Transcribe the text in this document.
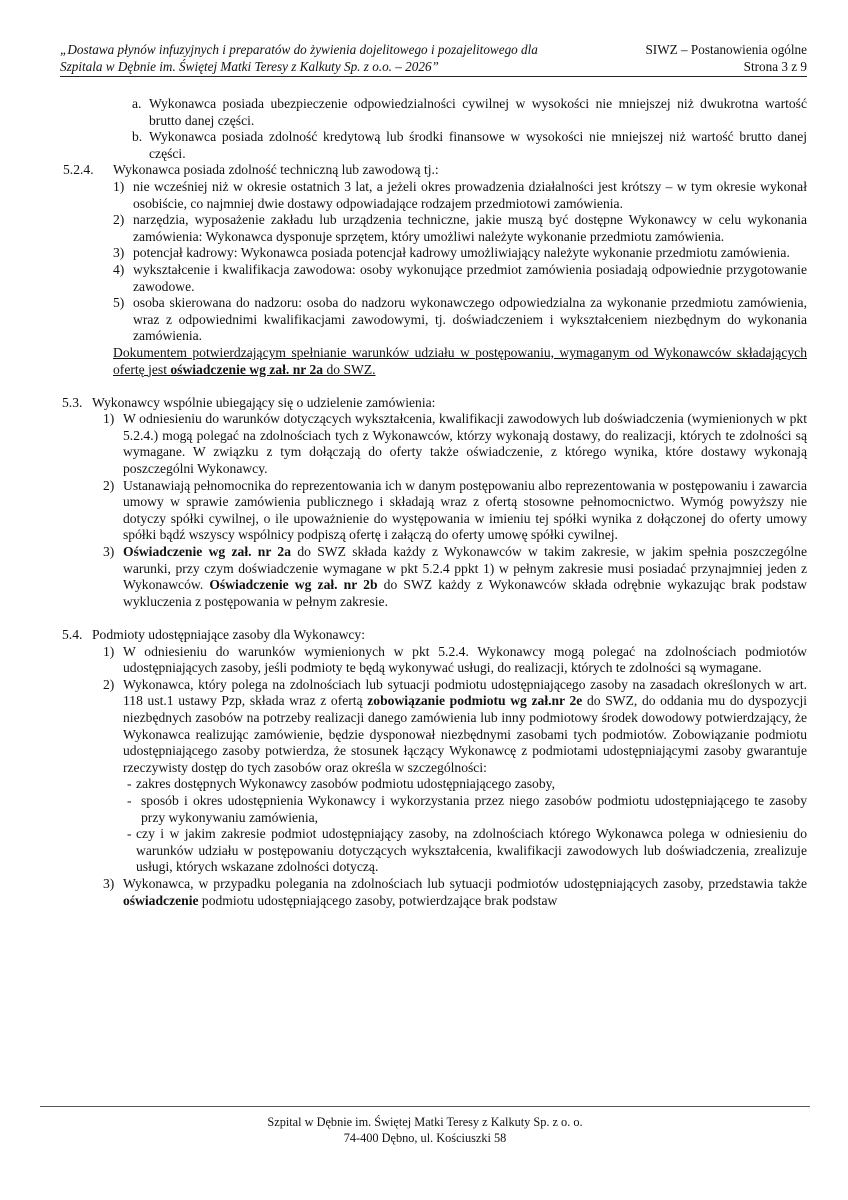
„Dostawa płynów infuzyjnych i preparatów do żywienia dojelitowego i pozajelitowego dla
Szpitala w Dębnie im. Świętej Matki Teresy z Kalkuty Sp. z o.o. – 2026”
SIWZ – Postanowienia ogólne
Strona 3 z 9
a. Wykonawca posiada ubezpieczenie odpowiedzialności cywilnej w wysokości nie mniejszej niż dwukrotna wartość brutto danej części.
b. Wykonawca posiada zdolność kredytową lub środki finansowe w wysokości nie mniejszej niż wartość brutto danej części.
5.2.4. Wykonawca posiada zdolność techniczną lub zawodową tj.:
1) nie wcześniej niż w okresie ostatnich 3 lat, a jeżeli okres prowadzenia działalności jest krótszy – w tym okresie wykonał osobiście, co najmniej dwie dostawy odpowiadające rodzajem przedmiotowi zamówienia.
2) narzędzia, wyposażenie zakładu lub urządzenia techniczne, jakie muszą być dostępne Wykonawcy w celu wykonania zamówienia: Wykonawca dysponuje sprzętem, który umożliwi należyte wykonanie przedmiotu zamówienia.
3) potencjał kadrowy: Wykonawca posiada potencjał kadrowy umożliwiający należyte wykonanie przedmiotu zamówienia.
4) wykształcenie i kwalifikacja zawodowa: osoby wykonujące przedmiot zamówienia posiadają odpowiednie przygotowanie zawodowe.
5) osoba skierowana do nadzoru: osoba do nadzoru wykonawczego odpowiedzialna za wykonanie przedmiotu zamówienia, wraz z odpowiednimi kwalifikacjami zawodowymi, tj. doświadczeniem i wykształceniem niezbędnym do wykonania zamówienia.
Dokumentem potwierdzającym spełnianie warunków udziału w postępowaniu, wymaganym od Wykonawców składających ofertę jest oświadczenie wg zał. nr 2a do SWZ.
5.3. Wykonawcy wspólnie ubiegający się o udzielenie zamówienia:
1) W odniesieniu do warunków dotyczących wykształcenia, kwalifikacji zawodowych lub doświadczenia (wymienionych w pkt 5.2.4.) mogą polegać na zdolnościach tych z Wykonawców, którzy wykonają dostawy, do realizacji, których te zdolności są wymagane. W związku z tym dołączają do oferty także oświadczenie, z którego wynika, które dostawy wykonają poszczególni Wykonawcy.
2) Ustanawiają pełnomocnika do reprezentowania ich w danym postępowaniu albo reprezentowania w postępowaniu i zawarcia umowy w sprawie zamówienia publicznego i składają wraz z ofertą stosowne pełnomocnictwo. Wymóg powyższy nie dotyczy spółki cywilnej, o ile upoważnienie do występowania w imieniu tej spółki wynika z dołączonej do oferty umowy spółki bądź wszyscy wspólnicy podpiszą ofertę i załączą do oferty umowę spółki cywilnej.
3) Oświadczenie wg zał. nr 2a do SWZ składa każdy z Wykonawców w takim zakresie, w jakim spełnia poszczególne warunki, przy czym doświadczenie wymagane w pkt 5.2.4 ppkt 1) w pełnym zakresie musi posiadać przynajmniej jeden z Wykonawców. Oświadczenie wg zał. nr 2b do SWZ każdy z Wykonawców składa odrębnie wykazując brak podstaw wykluczenia z postępowania w pełnym zakresie.
5.4. Podmioty udostępniające zasoby dla Wykonawcy:
1) W odniesieniu do warunków wymienionych w pkt 5.2.4. Wykonawcy mogą polegać na zdolnościach podmiotów udostępniających zasoby, jeśli podmioty te będą wykonywać usługi, do realizacji, których te zdolności są wymagane.
2) Wykonawca, który polega na zdolnościach lub sytuacji podmiotu udostępniającego zasoby na zasadach określonych w art. 118 ust.1 ustawy Pzp, składa wraz z ofertą zobowiązanie podmiotu wg zał.nr 2e do SWZ, do oddania mu do dyspozycji niezbędnych zasobów na potrzeby realizacji danego zamówienia lub inny podmiotowy środek dowodowy potwierdzający, że Wykonawca realizując zamówienie, będzie dysponował niezbędnymi zasobami tych podmiotów. Zobowiązanie podmiotu udostępniającego zasoby potwierdza, że stosunek łączący Wykonawcę z podmiotami udostępniającymi zasoby gwarantuje rzeczywisty dostęp do tych zasobów oraz określa w szczególności:
- zakres dostępnych Wykonawcy zasobów podmiotu udostępniającego zasoby,
- sposób i okres udostępnienia Wykonawcy i wykorzystania przez niego zasobów podmiotu udostępniającego te zasoby przy wykonywaniu zamówienia,
- czy i w jakim zakresie podmiot udostępniający zasoby, na zdolnościach którego Wykonawca polega w odniesieniu do warunków udziału w postępowaniu dotyczących wykształcenia, kwalifikacji zawodowych lub doświadczenia, zrealizuje usługi, których wskazane zdolności dotyczą.
3) Wykonawca, w przypadku polegania na zdolnościach lub sytuacji podmiotów udostępniających zasoby, przedstawia także oświadczenie podmiotu udostępniającego zasoby, potwierdzające brak podstaw
Szpital w Dębnie im. Świętej Matki Teresy z Kalkuty Sp. z o. o.
74-400 Dębno, ul. Kościuszki 58
